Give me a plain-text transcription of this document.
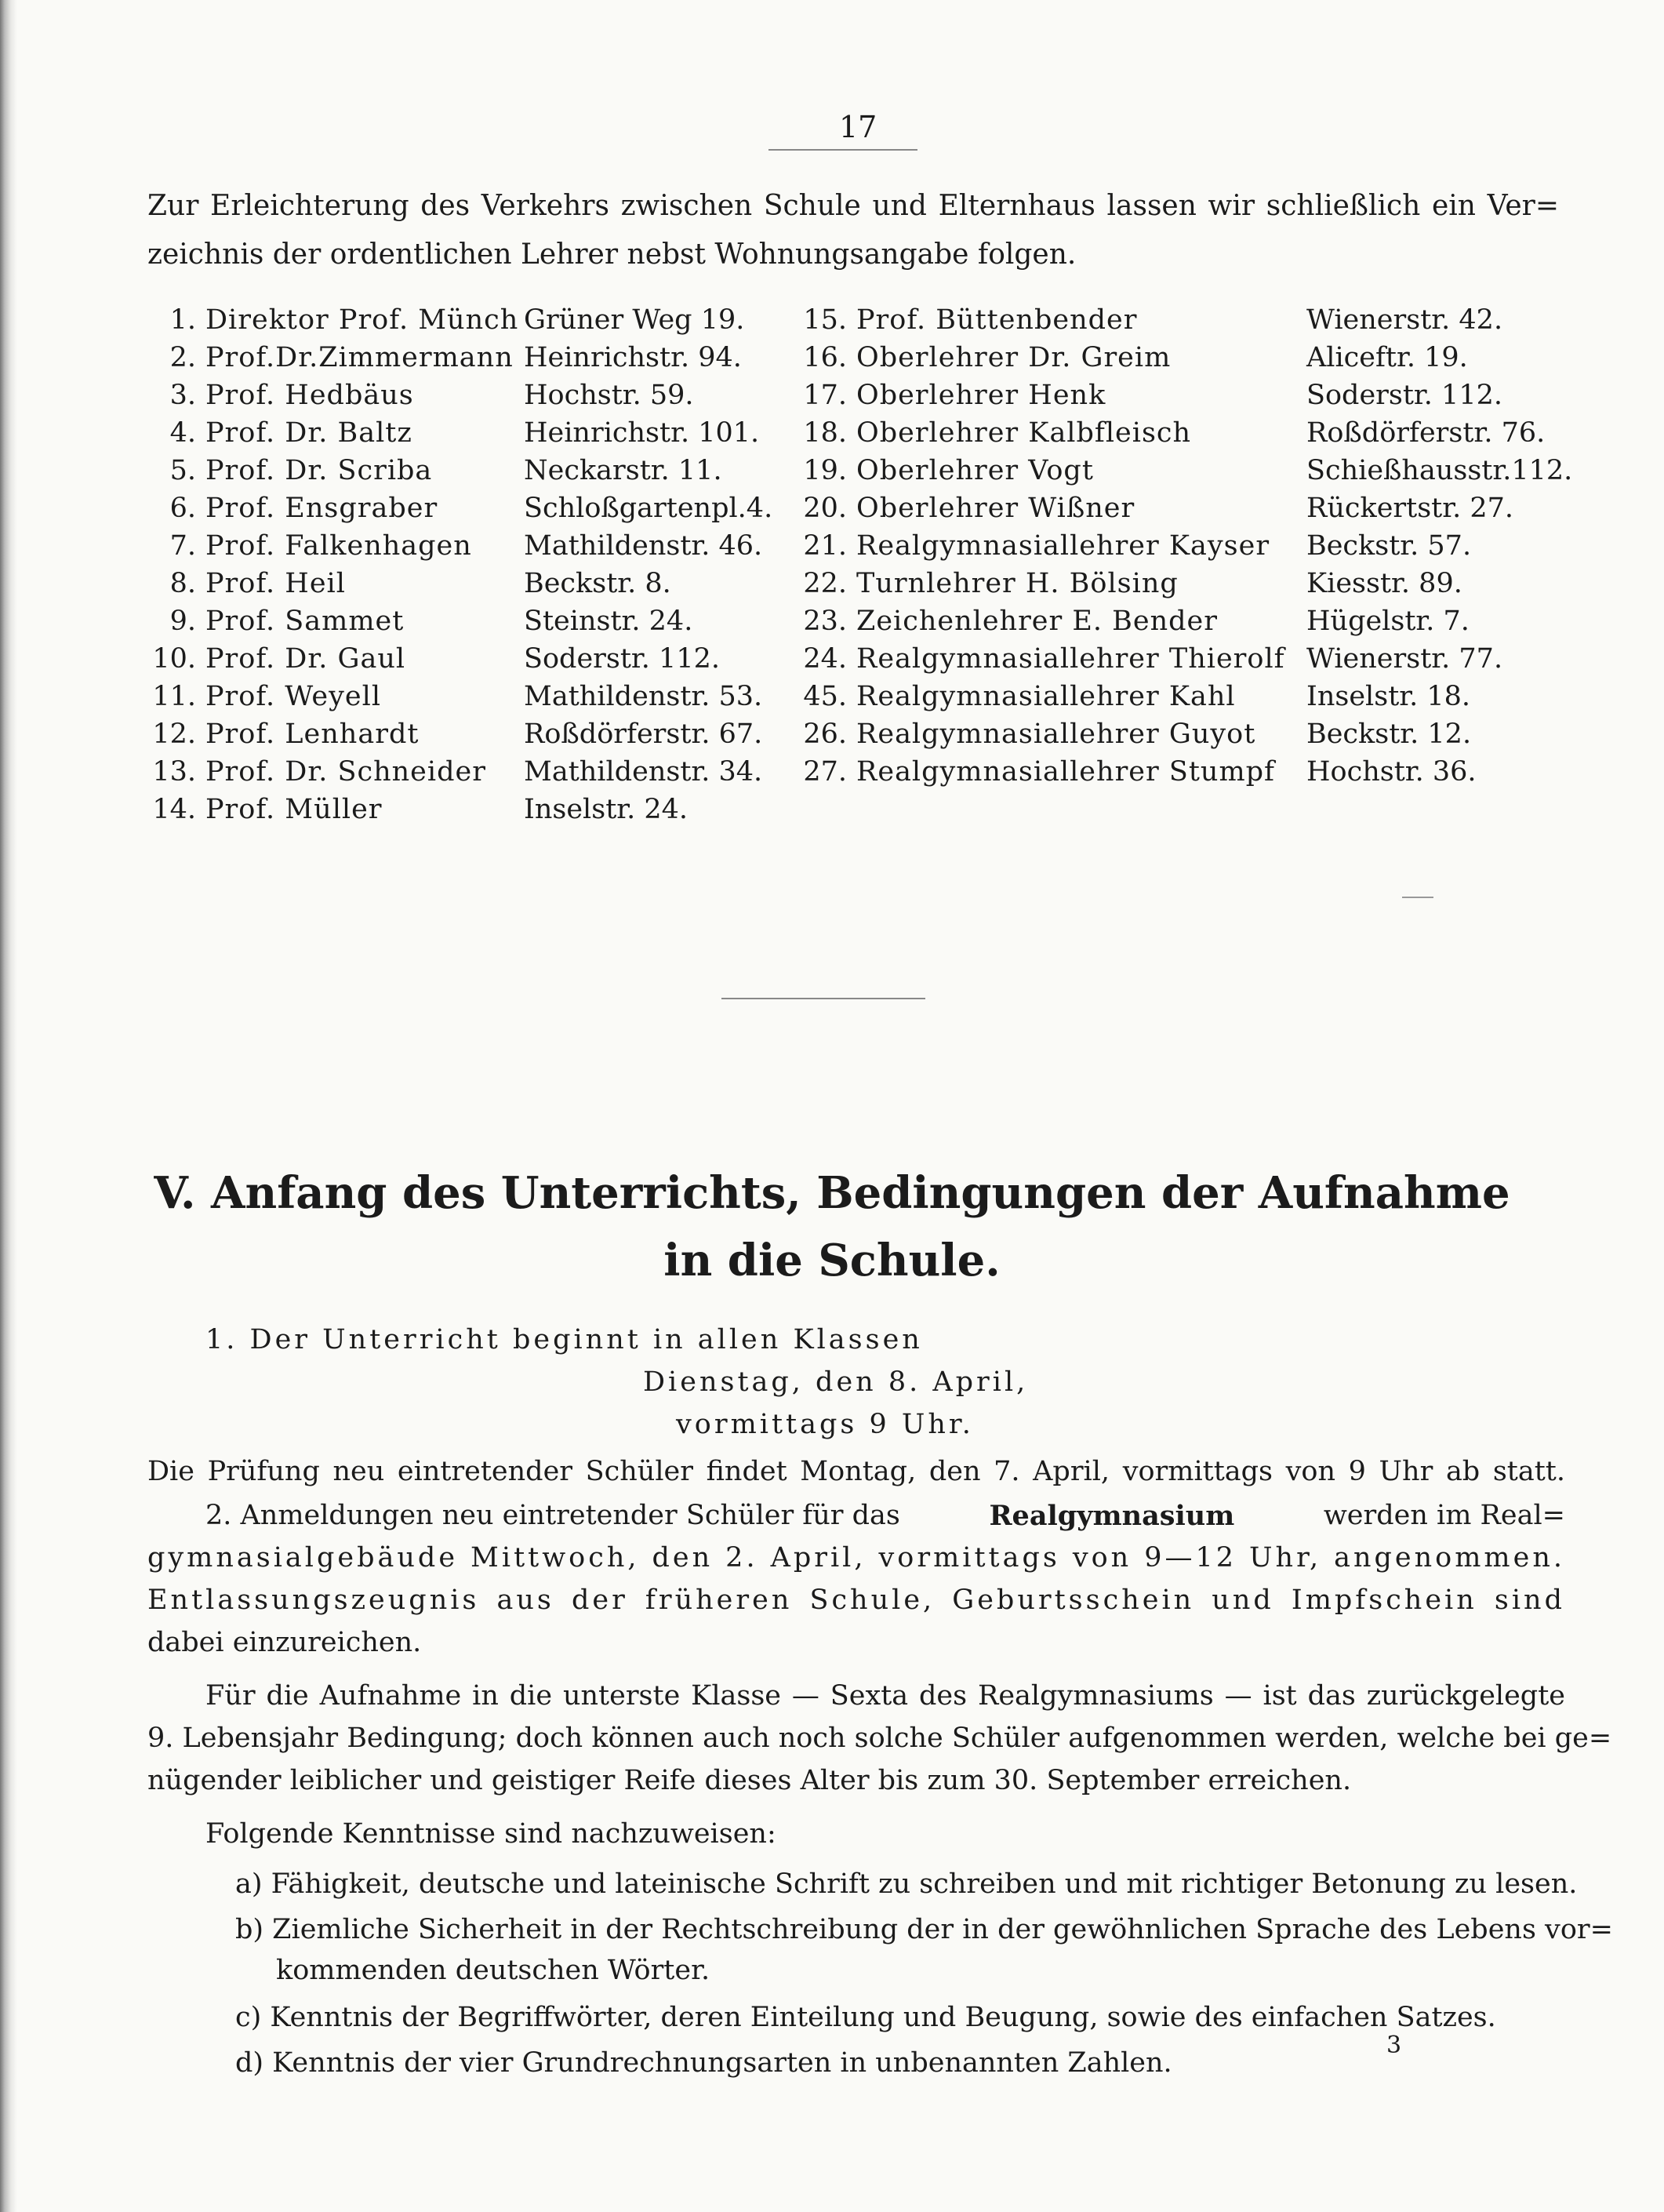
17

Zur Erleichterung des Verkehrs zwischen Schule und Elternhaus lassen wir schließlich ein Ver=

zeichnis der ordentlichen Lehrer nebst Wohnungsangabe folgen.

1. Direktor Prof. Münch Grüner Weg 19.
2. Prof.Dr.Zimmermann Heinrichstr. 94.
3. Prof. Hedbäus	Hochstr. 59.
4. Prof. Dr. Baltz	Heinrichstr. 101.
5. Prof. Dr. Scriba	Neckarstr. 11.
6. Prof. Ensgraber	Schloßgartenpl.4.
7. Prof. Falkenhagen Mathildenstr. 46.
8. Prof. Heil	Beckstr. 8.
9. Prof. Sammet	Steinstr. 24.
10. Prof. Dr. Gaul	Soderstr. 112.
11. Prof. Weyell	Mathildenstr. 53.
12. Prof. Lenhardt	Roßdörferstr. 67.
13. Prof. Dr. Schneider Mathildenstr. 34.
14. Prof. Müller	Inselstr. 24.
15. Prof. Büttenbender	Wienerstr. 42.
16. Oberlehrer Dr. Greim	Aliceftr. 19.
17. Oberlehrer Henk	Soderstr. 112.
18. Oberlehrer Kalbfleisch	Roßdörferstr. 76.
19. Oberlehrer Vogt	Schießhausstr.112.
20. Oberlehrer Wißner	Rückertstr. 27.
21. Realgymnasiallehrer Kayser Beckstr. 57.
22. Turnlehrer H. Bölsing	Kiesstr. 89.
23. Zeichenlehrer E. Bender	Hügelstr. 7.
24. Realgymnasiallehrer Thierolf Wienerstr. 77.
45. Realgymnasiallehrer Kahl	Inselstr. 18.
26. Realgymnasiallehrer Guyot Beckstr. 12.
27. Realgymnasiallehrer Stumpf Hochstr. 36.
V. Anfang des Unterrichts, Bedingungen der Aufnahme
in die Schule.
1. Der Unterricht beginnt in allen Klassen
Dienstag, den 8. April,
vormittags 9 Uhr.
Die Prüfung neu eintretender Schüler findet Montag, den 7. April, vormittags von 9 Uhr ab statt.
2. Anmeldungen neu eintretender Schüler für das	Realgymnasium	werden im Real=
gymnasialgebäude Mittwoch, den 2. April, vormittags von 9—12 Uhr, angenommen.
Entlassungszeugnis aus der früheren Schule, Geburtsschein und Impfschein sind
dabei einzureichen.
Für die Aufnahme in die unterste Klasse — Sexta des Realgymnasiums — ist das zurückgelegte
9. Lebensjahr Bedingung; doch können auch noch solche Schüler aufgenommen werden, welche bei ge=
nügender leiblicher und geistiger Reife dieses Alter bis zum 30. September erreichen.
Folgende Kenntnisse sind nachzuweisen:
a) Fähigkeit, deutsche und lateinische Schrift zu schreiben und mit richtiger Betonung zu lesen.
b) Ziemliche Sicherheit in der Rechtschreibung der in der gewöhnlichen Sprache des Lebens vor=
kommenden deutschen Wörter.
c) Kenntnis der Begriffwörter, deren Einteilung und Beugung, sowie des einfachen Satzes.
d) Kenntnis der vier Grundrechnungsarten in unbenannten Zahlen.
3
